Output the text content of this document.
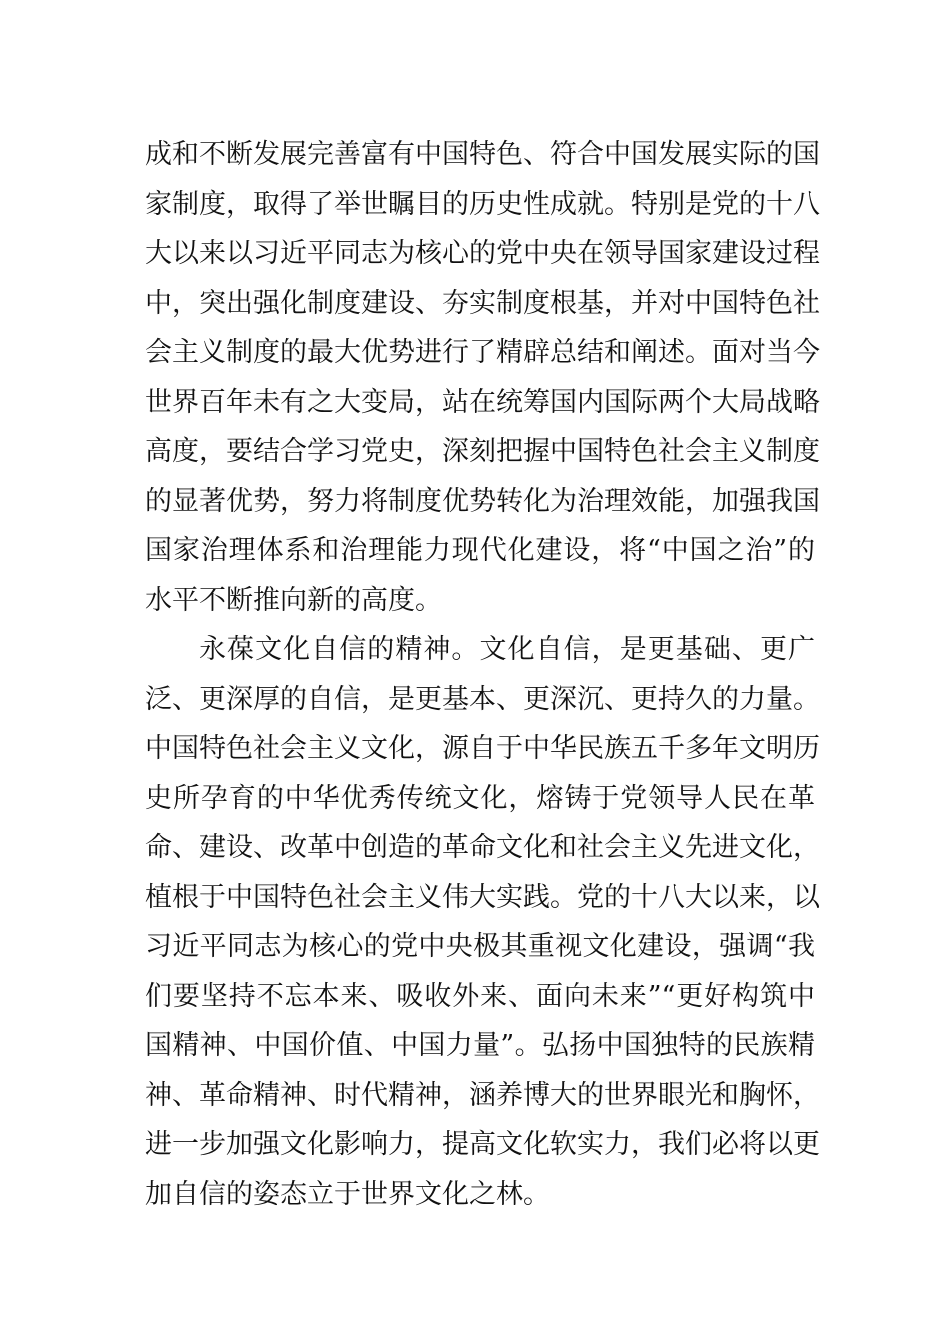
成和不断发展完善富有中国特色、符合中国发展实际的国
家制度，取得了举世瞩目的历史性成就。特别是党的十八
大以来以习近平同志为核心的党中央在领导国家建设过程
中，突出强化制度建设、夯实制度根基，并对中国特色社
会主义制度的最大优势进行了精辟总结和阐述。面对当今
世界百年未有之大变局，站在统筹国内国际两个大局战略
高度，要结合学习党史，深刻把握中国特色社会主义制度
的显著优势，努力将制度优势转化为治理效能，加强我国
国家治理体系和治理能力现代化建设，将“中国之治”的
水平不断推向新的高度。
永葆文化自信的精神。文化自信，是更基础、更广
泛、更深厚的自信，是更基本、更深沉、更持久的力量。
中国特色社会主义文化，源自于中华民族五千多年文明历
史所孕育的中华优秀传统文化，熔铸于党领导人民在革
命、建设、改革中创造的革命文化和社会主义先进文化，
植根于中国特色社会主义伟大实践。党的十八大以来，以
习近平同志为核心的党中央极其重视文化建设，强调“我
们要坚持不忘本来、吸收外来、面向未来”“更好构筑中
国精神、中国价值、中国力量”。弘扬中国独特的民族精
神、革命精神、时代精神，涵养博大的世界眼光和胸怀，
进一步加强文化影响力，提高文化软实力，我们必将以更
加自信的姿态立于世界文化之林。
